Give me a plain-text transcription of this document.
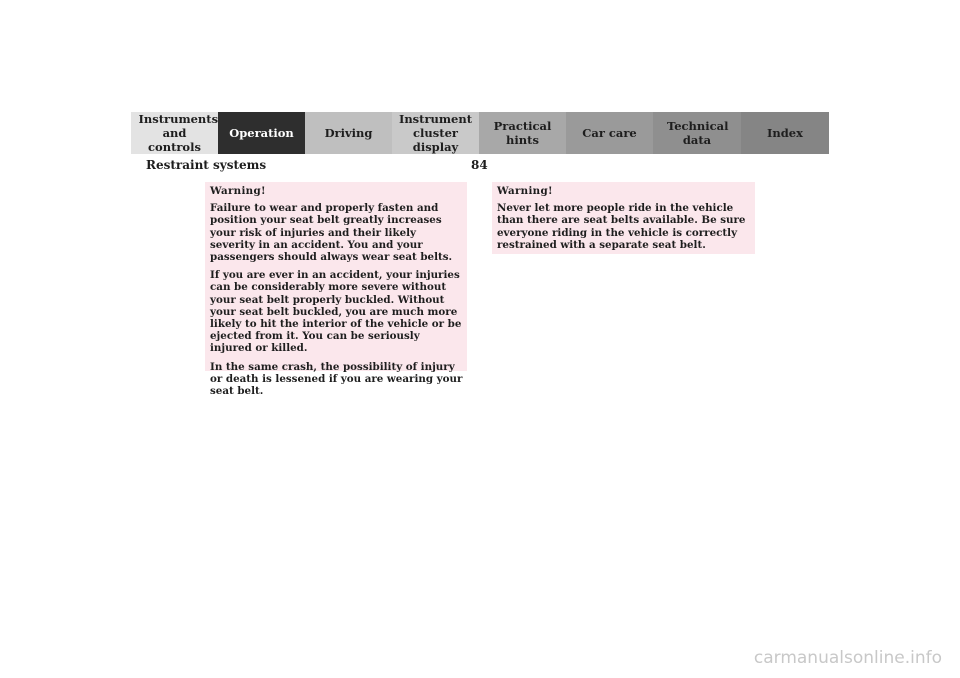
Instruments and controls
Operation	Driving
Instrument cluster display
Practical hints	Car care	Technical data	Index
Restraint systems	84

Warning!

Failure to wear and properly fasten and position your seat belt greatly increases your risk of injuries and their likely severity in an accident. You and your passengers should always wear seat belts.

If you are ever in an accident, your injuries can be considerably more severe without your seat belt properly buckled. Without your seat belt buckled, you are much more likely to hit the interior of the vehicle or be ejected from it. You can be seriously injured or killed.

In the same crash, the possibility of injury or death is lessened if you are wearing your seat belt.

Warning!

Never let more people ride in the vehicle than there are seat belts available. Be sure everyone riding in the vehicle is correctly restrained with a separate seat belt.

carmanualsonline.info
